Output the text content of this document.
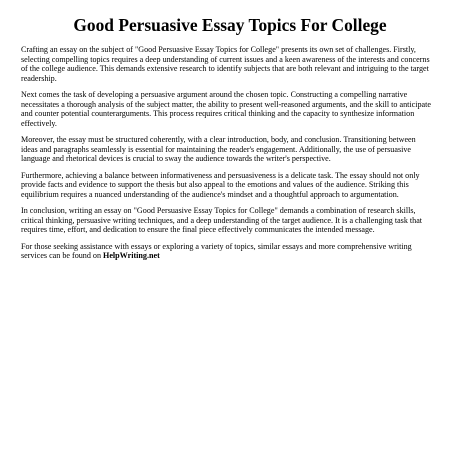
Good Persuasive Essay Topics For College

Crafting an essay on the subject of "Good Persuasive Essay Topics for College" presents its own set of challenges. Firstly, selecting compelling topics requires a deep understanding of current issues and a keen awareness of the interests and concerns of the college audience. This demands extensive research to identify subjects that are both relevant and intriguing to the target readership.

Next comes the task of developing a persuasive argument around the chosen topic. Constructing a compelling narrative necessitates a thorough analysis of the subject matter, the ability to present well-reasoned arguments, and the skill to anticipate and counter potential counterarguments. This process requires critical thinking and the capacity to synthesize information effectively.

Moreover, the essay must be structured coherently, with a clear introduction, body, and conclusion. Transitioning between ideas and paragraphs seamlessly is essential for maintaining the reader's engagement. Additionally, the use of persuasive language and rhetorical devices is crucial to sway the audience towards the writer's perspective.

Furthermore, achieving a balance between informativeness and persuasiveness is a delicate task. The essay should not only provide facts and evidence to support the thesis but also appeal to the emotions and values of the audience. Striking this equilibrium requires a nuanced understanding of the audience's mindset and a thoughtful approach to argumentation.

In conclusion, writing an essay on "Good Persuasive Essay Topics for College" demands a combination of research skills, critical thinking, persuasive writing techniques, and a deep understanding of the target audience. It is a challenging task that requires time, effort, and dedication to ensure the final piece effectively communicates the intended message.

For those seeking assistance with essays or exploring a variety of topics, similar essays and more comprehensive writing services can be found on HelpWriting.net
